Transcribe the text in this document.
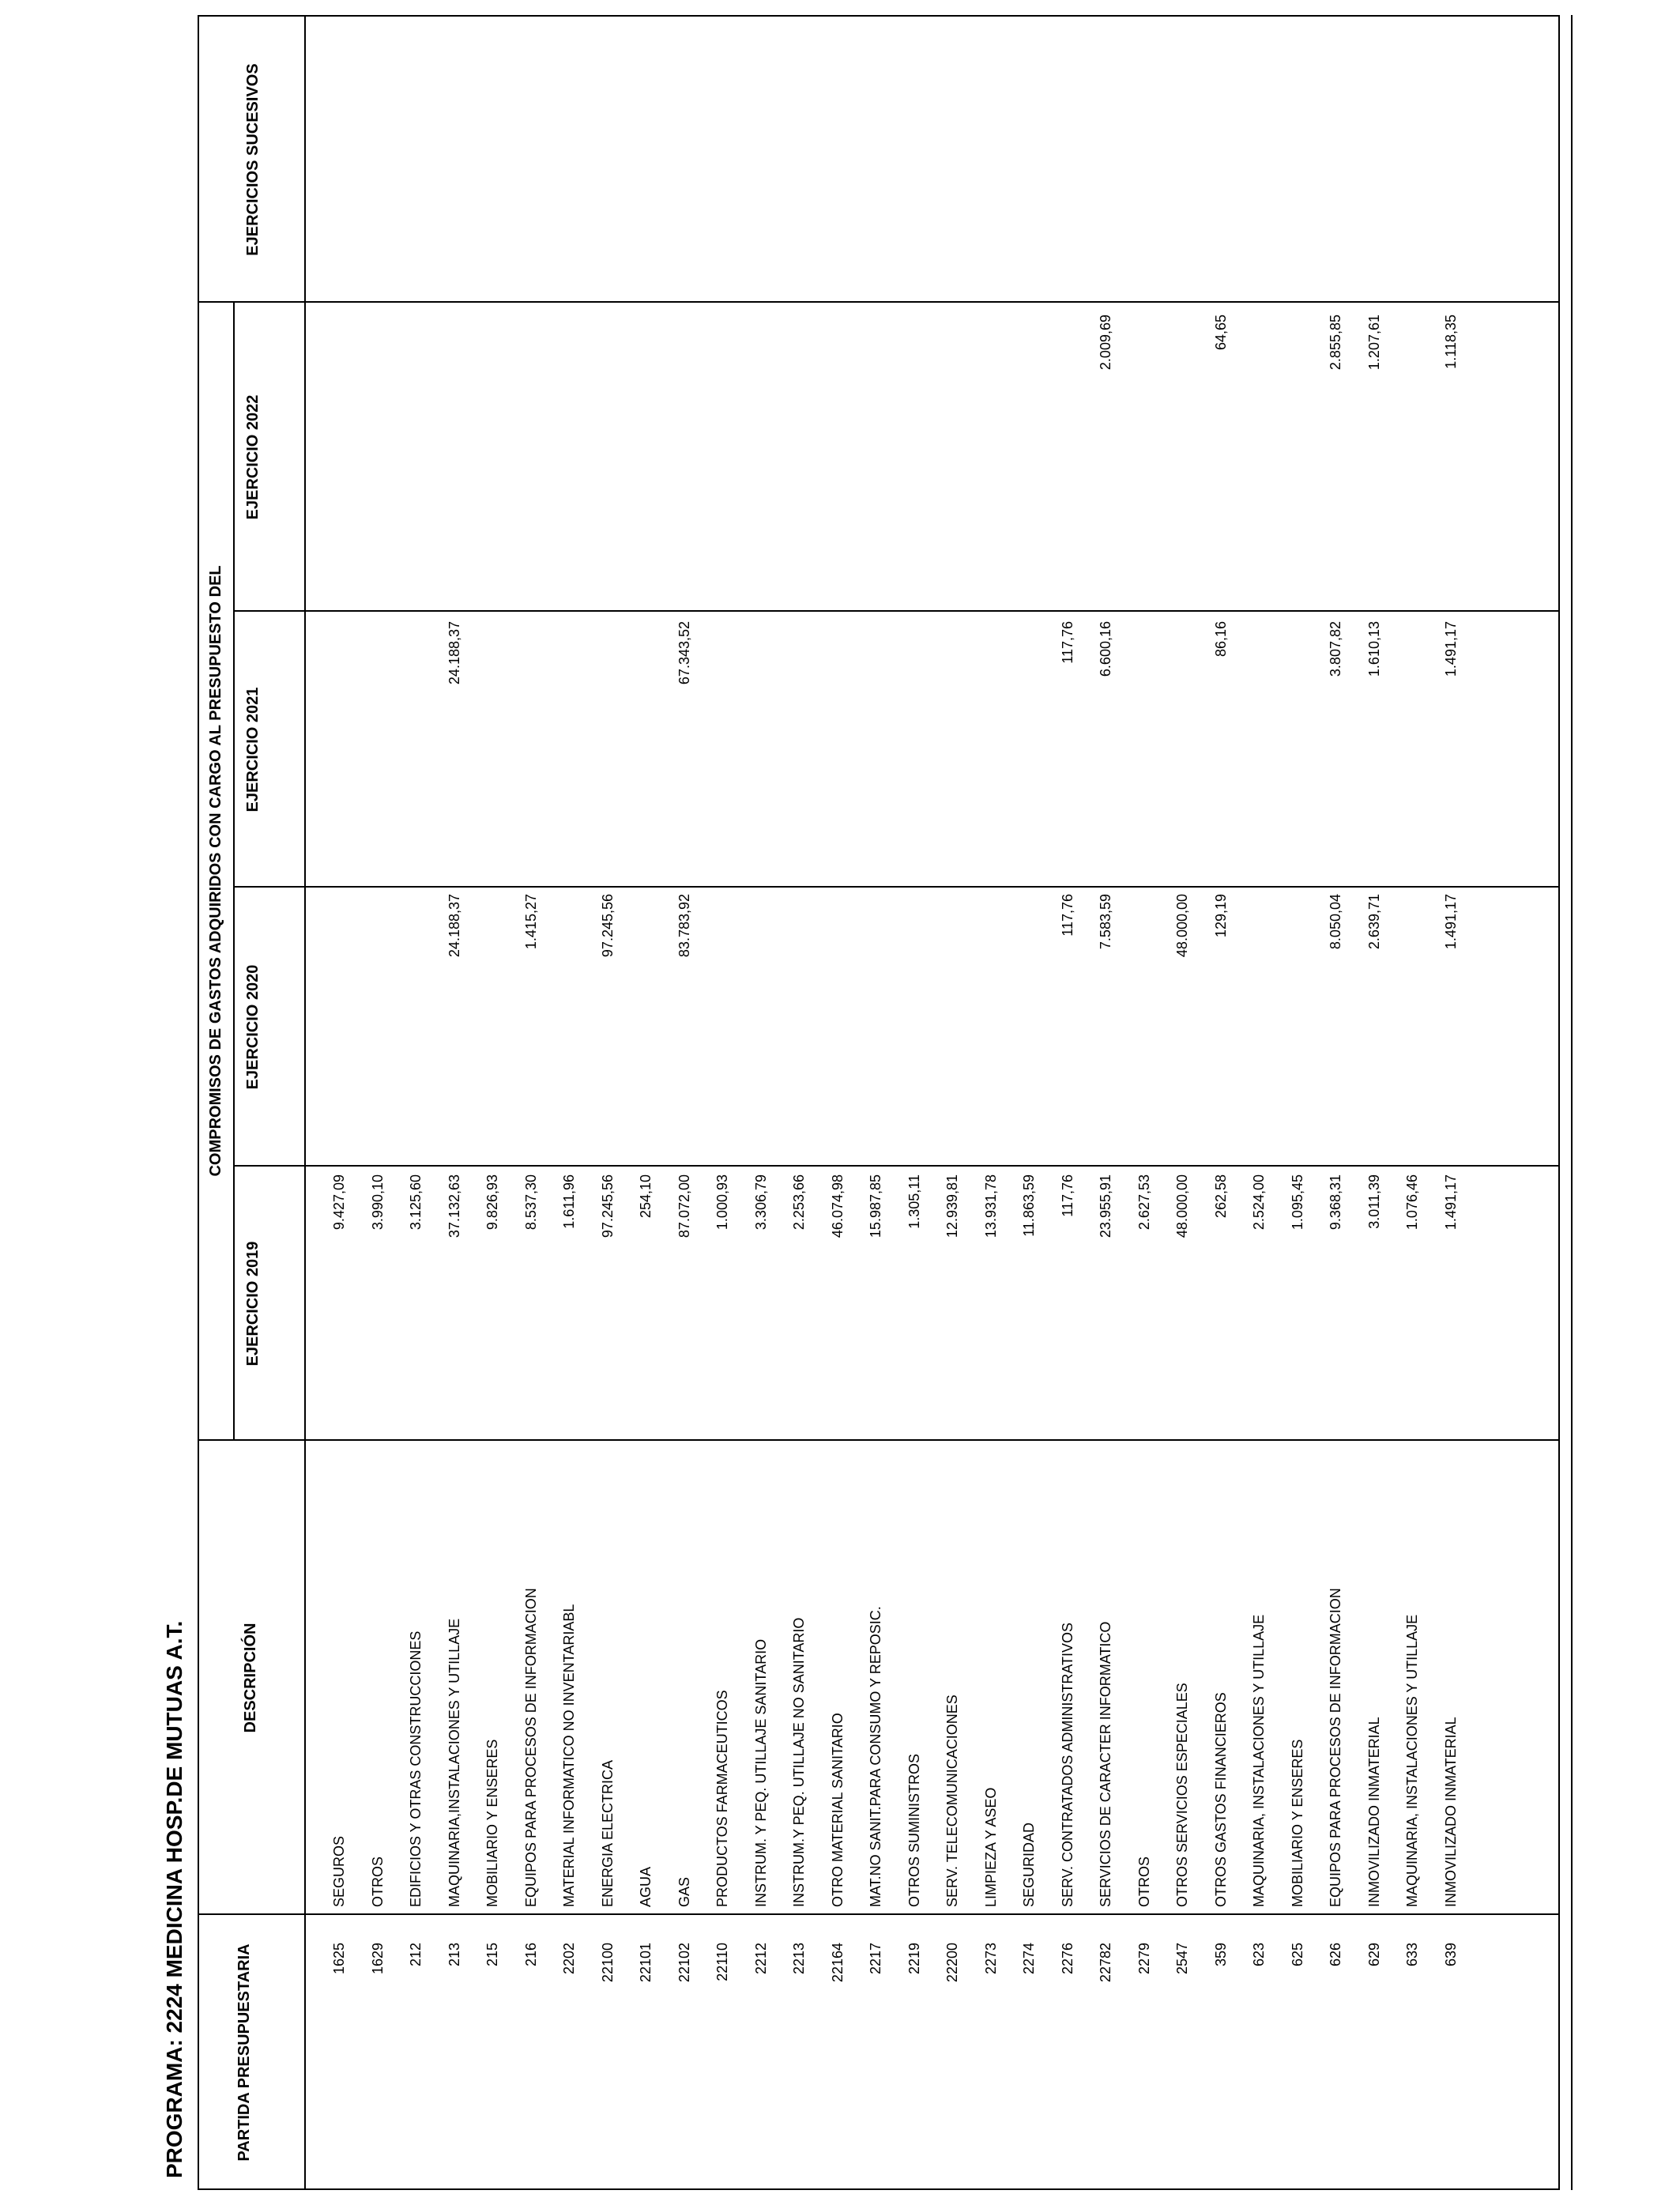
PROGRAMA: 2224 MEDICINA HOSP.DE MUTUAS A.T.	PARTIDA PRESUPUESTARIA
DESCRIPCIÓN
COMPROMISOS DE GASTOS ADQUIRIDOS CON CARGO AL PRESUPUESTO DEL
EJERCICIO 2019
EJERCICIO 2020
EJERCICIO 2021
EJERCICIO 2022
EJERCICIOS SUCESIVOS
1625
SEGUROS
9.427,09
1629
OTROS
3.990,10
212
EDIFICIOS Y OTRAS CONSTRUCCIONES
3.125,60
213
MAQUINARIA,INSTALACIONES Y UTILLAJE
37.132,63
24.188,37
24.188,37
215
MOBILIARIO Y ENSERES
9.826,93
216
EQUIPOS PARA PROCESOS DE INFORMACION
8.537,30
1.415,27
2202
MATERIAL INFORMATICO NO INVENTARIABL
1.611,96
22100
ENERGIA ELECTRICA
97.245,56
97.245,56
22101
AGUA
254,10
22102
GAS
87.072,00
83.783,92
67.343,52
22110
PRODUCTOS FARMACEUTICOS
1.000,93
2212
INSTRUM. Y PEQ. UTILLAJE SANITARIO
3.306,79
2213
INSTRUM.Y PEQ. UTILLAJE NO SANITARIO
2.253,66
22164
OTRO MATERIAL SANITARIO
46.074,98
2217
MAT.NO SANIT.PARA CONSUMO Y REPOSIC.
15.987,85
2219
OTROS SUMINISTROS
1.305,11
22200
SERV. TELECOMUNICACIONES
12.939,81
2273
LIMPIEZA Y ASEO
13.931,78
2274
SEGURIDAD
11.863,59
2276
SERV. CONTRATADOS ADMINISTRATIVOS
117,76
117,76
117,76
22782
SERVICIOS DE CARACTER INFORMATICO
23.955,91
7.583,59
6.600,16
2.009,69
2279
OTROS
2.627,53
2547
OTROS SERVICIOS ESPECIALES
48.000,00
48.000,00
359
OTROS GASTOS FINANCIEROS
262,58
129,19
86,16
64,65
623
MAQUINARIA, INSTALACIONES Y UTILLAJE
2.524,00
625
MOBILIARIO Y ENSERES
1.095,45
626
EQUIPOS PARA PROCESOS DE INFORMACION
9.368,31
8.050,04
3.807,82
2.855,85
629
INMOVILIZADO INMATERIAL
3.011,39
2.639,71
1.610,13
1.207,61
633
MAQUINARIA, INSTALACIONES Y UTILLAJE
1.076,46
639
INMOVILIZADO INMATERIAL
1.491,17
1.491,17
1.491,17
1.118,35
